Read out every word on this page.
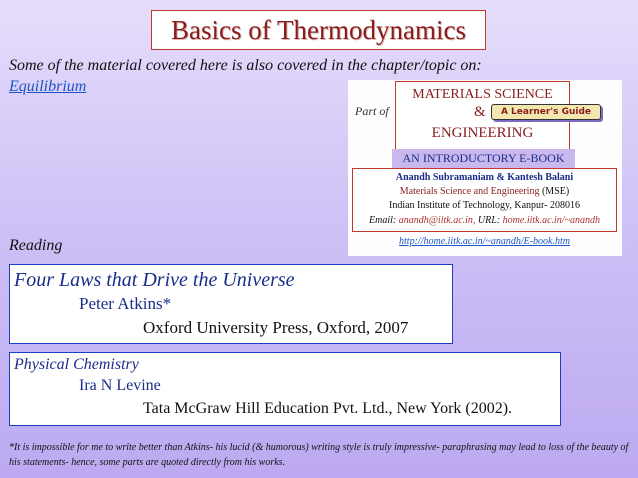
Basics of Thermodynamics
Some of the material covered here is also covered in the chapter/topic on:
Equilibrium
Part of
MATERIALS SCIENCE
&	A Learner's Guide
ENGINEERING
AN INTRODUCTORY E-BOOK
Anandh Subramaniam & Kantesh Balani
Materials Science and Engineering (MSE)
Indian Institute of Technology, Kanpur- 208016
Email: anandh@iitk.ac.in, URL: home.iitk.ac.in/~anandh
http://home.iitk.ac.in/~anandh/E-book.htm
Reading
Four Laws that Drive the Universe
Peter Atkins*
Oxford University Press, Oxford, 2007
Physical Chemistry
Ira N Levine
Tata McGraw Hill Education Pvt. Ltd., New York (2002).
*It is impossible for me to write better than Atkins- his lucid (& humorous) writing style is truly impressive- paraphrasing may lead to loss of the beauty of his statements- hence, some parts are quoted directly from his works.
